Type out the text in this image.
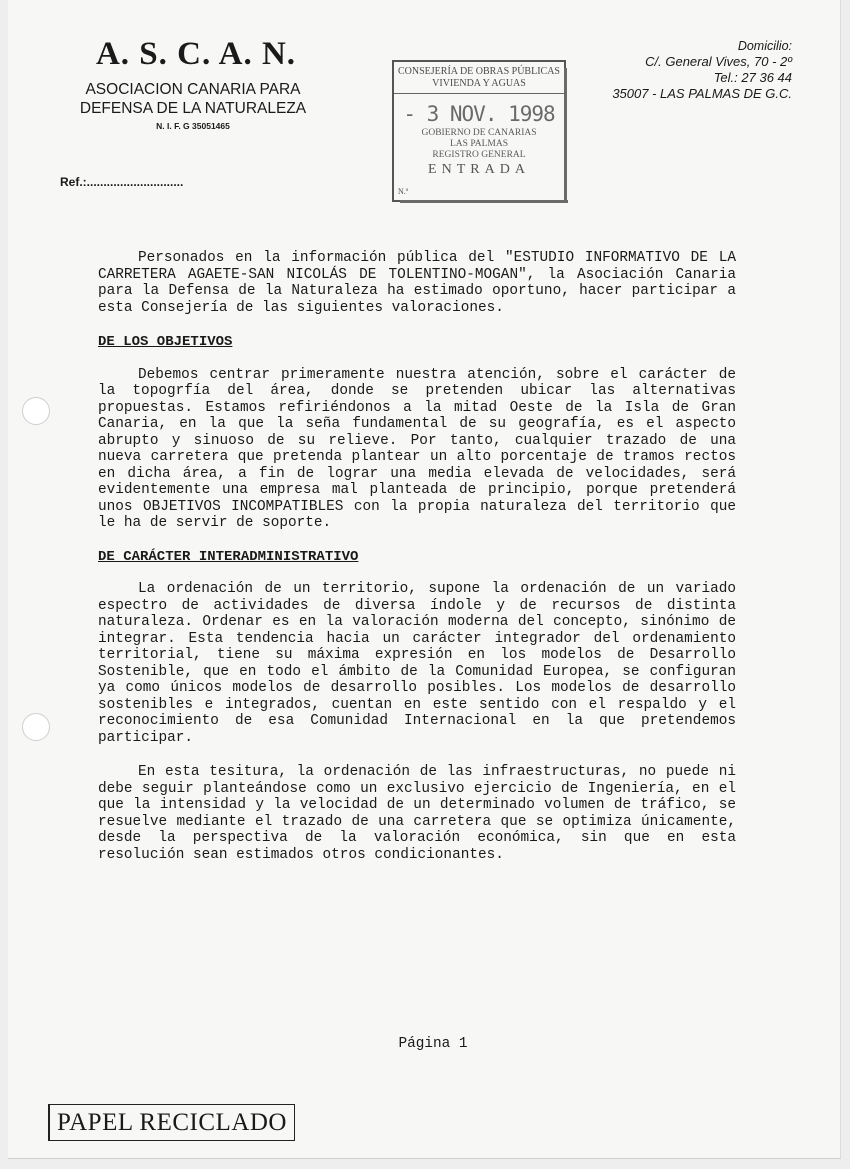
A. S. C. A. N.
ASOCIACION CANARIA PARA
DEFENSA DE LA NATURALEZA
N. I. F. G 35051465
Ref.:.............................
Domicilio:
C/. General Vives, 70 - 2º
Tel.: 27 36 44
35007 - LAS PALMAS DE G.C.
CONSEJERÍA DE OBRAS PÚBLICAS
VIVIENDA Y AGUAS
- 3 NOV. 1998
GOBIERNO DE CANARIAS
LAS PALMAS
REGISTRO GENERAL
ENTRADA
N.º

Personados en la información pública del "ESTUDIO INFORMATIVO DE LA CARRETERA AGAETE-SAN NICOLÁS DE TOLENTINO-MOGAN", la Asociación Canaria para la Defensa de la Naturaleza ha estimado oportuno, hacer participar a esta Consejería de las siguientes valoraciones.

DE LOS OBJETIVOS

Debemos centrar primeramente nuestra atención, sobre el carácter de la topogrfía del área, donde se pretenden ubicar las alternativas propuestas. Estamos refiriéndonos a la mitad Oeste de la Isla de Gran Canaria, en la que la seña fundamental de su geografía, es el aspecto abrupto y sinuoso de su relieve. Por tanto, cualquier trazado de una nueva carretera que pretenda plantear un alto porcentaje de tramos rectos en dicha área, a fin de lograr una media elevada de velocidades, será evidentemente una empresa mal planteada de principio, porque pretenderá unos OBJETIVOS INCOMPATIBLES con la propia naturaleza del territorio que le ha de servir de soporte.

DE CARÁCTER INTERADMINISTRATIVO

La ordenación de un territorio, supone la ordenación de un variado espectro de actividades de diversa índole y de recursos de distinta naturaleza. Ordenar es en la valoración moderna del concepto, sinónimo de integrar. Esta tendencia hacia un carácter integrador del ordenamiento territorial, tiene su máxima expresión en los modelos de Desarrollo Sostenible, que en todo el ámbito de la Comunidad Europea, se configuran ya como únicos modelos de desarrollo posibles. Los modelos de desarrollo sostenibles e integrados, cuentan en este sentido con el respaldo y el reconocimiento de esa Comunidad Internacional en la que pretendemos participar.

En esta tesitura, la ordenación de las infraestructuras, no puede ni debe seguir planteándose como un exclusivo ejercicio de Ingeniería, en el que la intensidad y la velocidad de un determinado volumen de tráfico, se resuelve mediante el trazado de una carretera que se optimiza únicamente, desde la perspectiva de la valoración económica, sin que en esta resolución sean estimados otros condicionantes.

Página 1
PAPEL RECICLADO
